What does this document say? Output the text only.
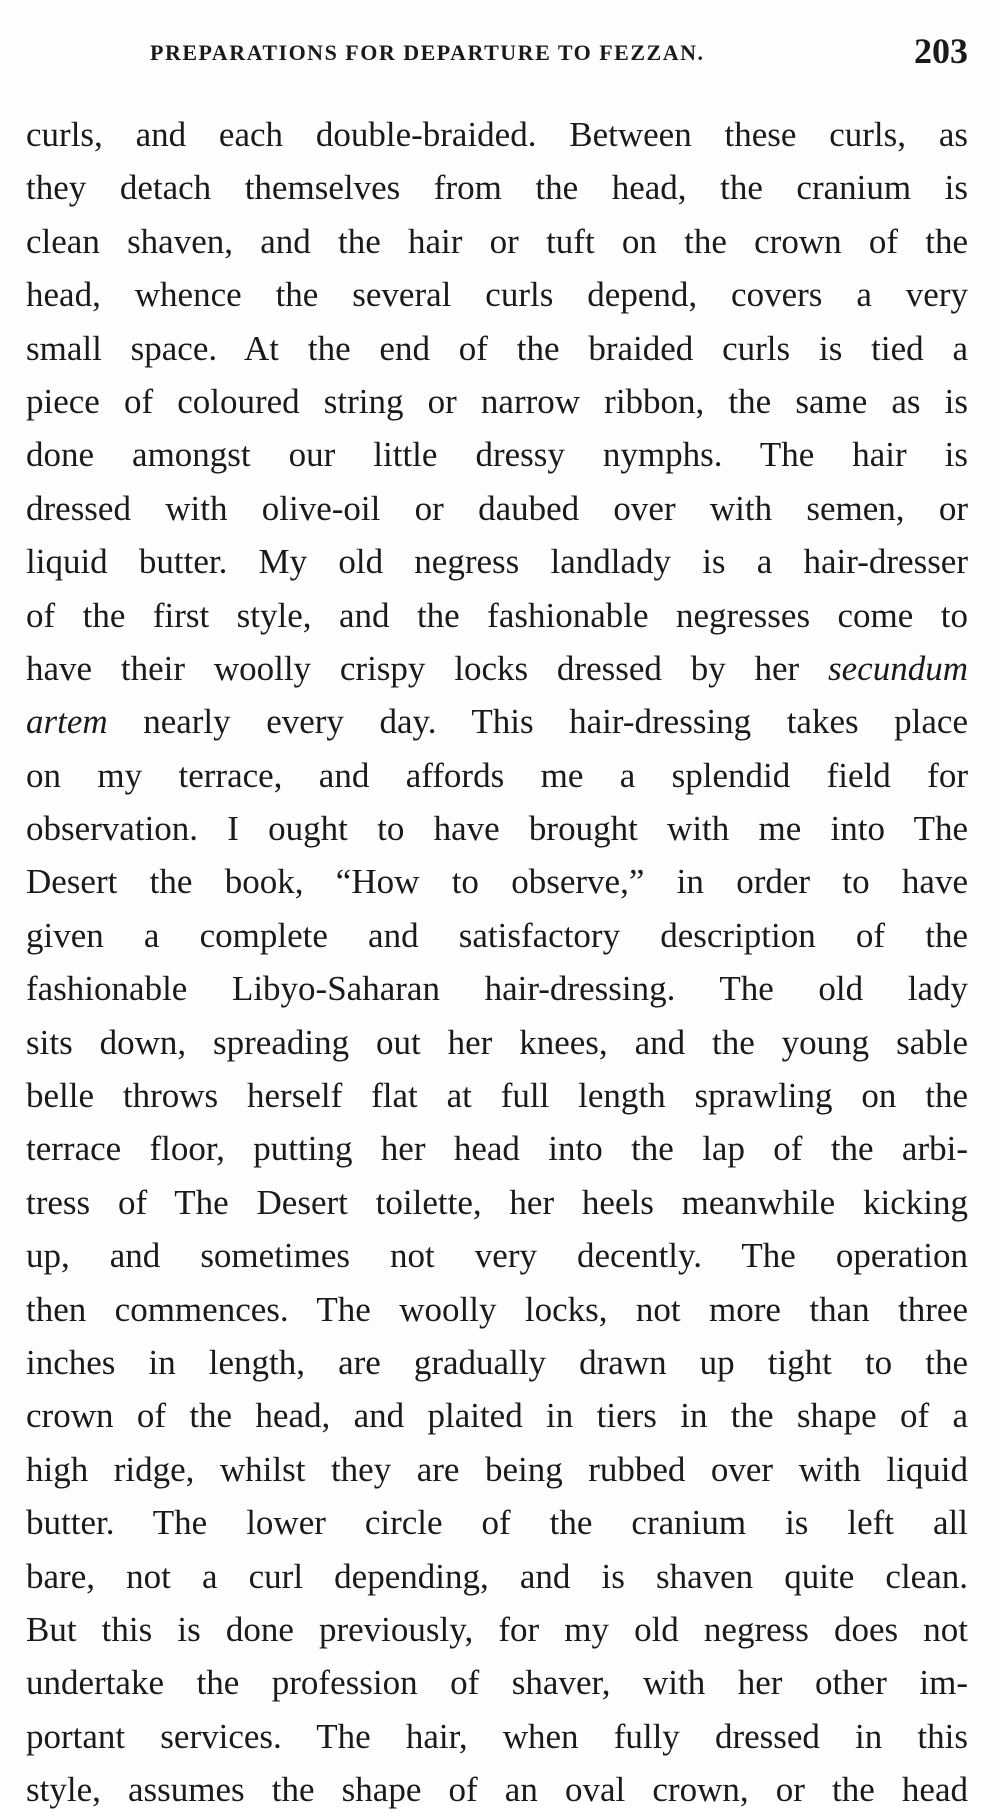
PREPARATIONS FOR DEPARTURE TO FEZZAN.	203
curls, and each double-braided. Between these curls, as
they detach themselves from the head, the cranium is
clean shaven, and the hair or tuft on the crown of the
head, whence the several curls depend, covers a very
small space. At the end of the braided curls is tied a
piece of coloured string or narrow ribbon, the same as is
done amongst our little dressy nymphs. The hair is
dressed with olive-oil or daubed over with semen, or
liquid butter. My old negress landlady is a hair-dresser
of the first style, and the fashionable negresses come to
have their woolly crispy locks dressed by her secundum
artem nearly every day. This hair-dressing takes place
on my terrace, and affords me a splendid field for
observation. I ought to have brought with me into The
Desert the book, “How to observe,” in order to have
given a complete and satisfactory description of the
fashionable Libyo-Saharan hair-dressing. The old lady
sits down, spreading out her knees, and the young sable
belle throws herself flat at full length sprawling on the
terrace floor, putting her head into the lap of the arbi-
tress of The Desert toilette, her heels meanwhile kicking
up, and sometimes not very decently. The operation
then commences. The woolly locks, not more than three
inches in length, are gradually drawn up tight to the
crown of the head, and plaited in tiers in the shape of a
high ridge, whilst they are being rubbed over with liquid
butter. The lower circle of the cranium is left all
bare, not a curl depending, and is shaven quite clean.
But this is done previously, for my old negress does not
undertake the profession of shaver, with her other im-
portant services. The hair, when fully dressed in this
style, assumes the shape of an oval crown, or the head
